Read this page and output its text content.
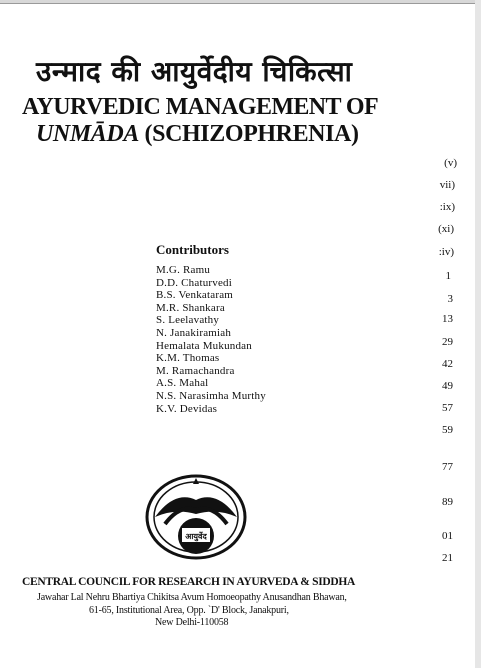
उन्माद की आयुर्वेदीय चिकित्सा
AYURVEDIC MANAGEMENT OF
UNMĀDA (SCHIZOPHRENIA)
(v)
vii)
:ix)
(xi)
:iv)
1
3
13
29
42
49
57
59
77
89
01
21
Contributors
M.G. Ramu
D.D. Chaturvedi
B.S. Venkataram
M.R. Shankara
S. Leelavathy
N. Janakiramiah
Hemalata Mukundan
K.M. Thomas
M. Ramachandra
A.S. Mahal
N.S. Narasimha Murthy
K.V. Devidas
आयुर्वेद
CENTRAL COUNCIL FOR RESEARCH IN AYURVEDA & SIDDHA
Jawahar Lal Nehru Bhartiya Chikitsa Avum Homoeopathy Anusandhan Bhawan,
61-65, Institutional Area, Opp. `D' Block, Janakpuri,
New Delhi-110058
